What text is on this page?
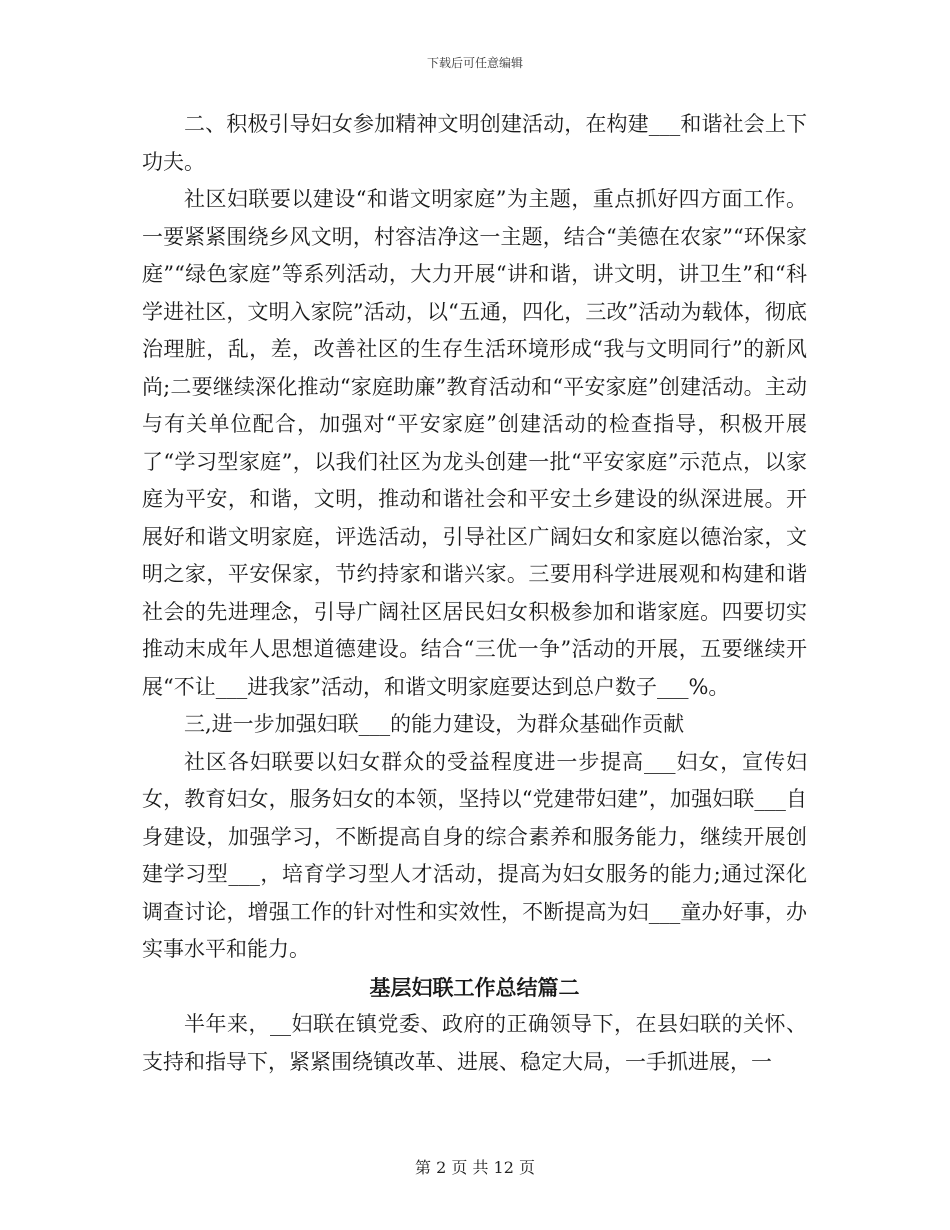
下载后可任意编辑

二、积极引导妇女参加精神文明创建活动，在构建___和谐社会上下功夫。

社区妇联要以建设“和谐文明家庭”为主题，重点抓好四方面工作。一要紧紧围绕乡风文明，村容洁净这一主题，结合“美德在农家”“环保家庭”“绿色家庭”等系列活动，大力开展“讲和谐，讲文明，讲卫生”和“科学进社区，文明入家院”活动，以“五通，四化，三改”活动为载体，彻底治理脏，乱，差，改善社区的生存生活环境形成“我与文明同行”的新风尚;二要继续深化推动“家庭助廉”教育活动和“平安家庭”创建活动。主动与有关单位配合，加强对“平安家庭”创建活动的检查指导，积极开展了“学习型家庭”，以我们社区为龙头创建一批“平安家庭”示范点，以家庭为平安，和谐，文明，推动和谐社会和平安土乡建设的纵深进展。开展好和谐文明家庭，评选活动，引导社区广阔妇女和家庭以德治家，文明之家，平安保家，节约持家和谐兴家。三要用科学进展观和构建和谐社会的先进理念，引导广阔社区居民妇女积极参加和谐家庭。四要切实推动末成年人思想道德建设。结合“三优一争”活动的开展，五要继续开展“不让___进我家”活动，和谐文明家庭要达到总户数子___%。

三,进一步加强妇联___的能力建设，为群众基础作贡献

社区各妇联要以妇女群众的受益程度进一步提高___妇女，宣传妇女，教育妇女，服务妇女的本领，坚持以“党建带妇建”，加强妇联___自身建设，加强学习，不断提高自身的综合素养和服务能力，继续开展创建学习型___，培育学习型人才活动，提高为妇女服务的能力;通过深化调查讨论，增强工作的针对性和实效性，不断提高为妇___童办好事，办实事水平和能力。

基层妇联工作总结篇二

半年来，__妇联在镇党委、政府的正确领导下，在县妇联的关怀、支持和指导下，紧紧围绕镇改革、进展、稳定大局，一手抓进展，一

第 2 页 共 12 页
